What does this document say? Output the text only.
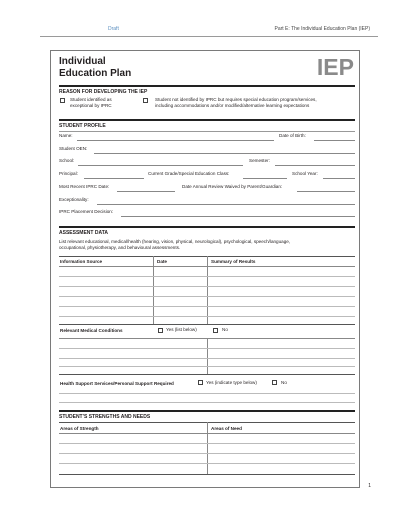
Draft	Part E: The Individual Education Plan (IEP)
Individual
Education Plan	IEP
REASON FOR DEVELOPING THE IEP
Student identified as
exceptional by IPRC
Student not identified by IPRC but requires special education program/services,
including accommodations and/or modified/alternative learning expectations
STUDENT PROFILE
Name:	Date of Birth:
Student OEN:
School:	Semester:
Principal:	Current Grade/Special Education Class:	School Year:
Most Recent IPRC Date:	Date Annual Review Waived by Parent/Guardian:
Exceptionality:
IPRC Placement Decision:
ASSESSMENT DATA
List relevant educational, medical/health (hearing, vision, physical, neurological), psychological, speech/language,
occupational, physiotherapy, and behavioural assessments.
Information Source	Date	Summary of Results
Relevant Medical Conditions	Yes (list below)	No
Health Support Services/Personal Support Required	Yes (indicate type below)	No
STUDENT’S STRENGTHS AND NEEDS
Areas of Strength	Areas of Need
1
